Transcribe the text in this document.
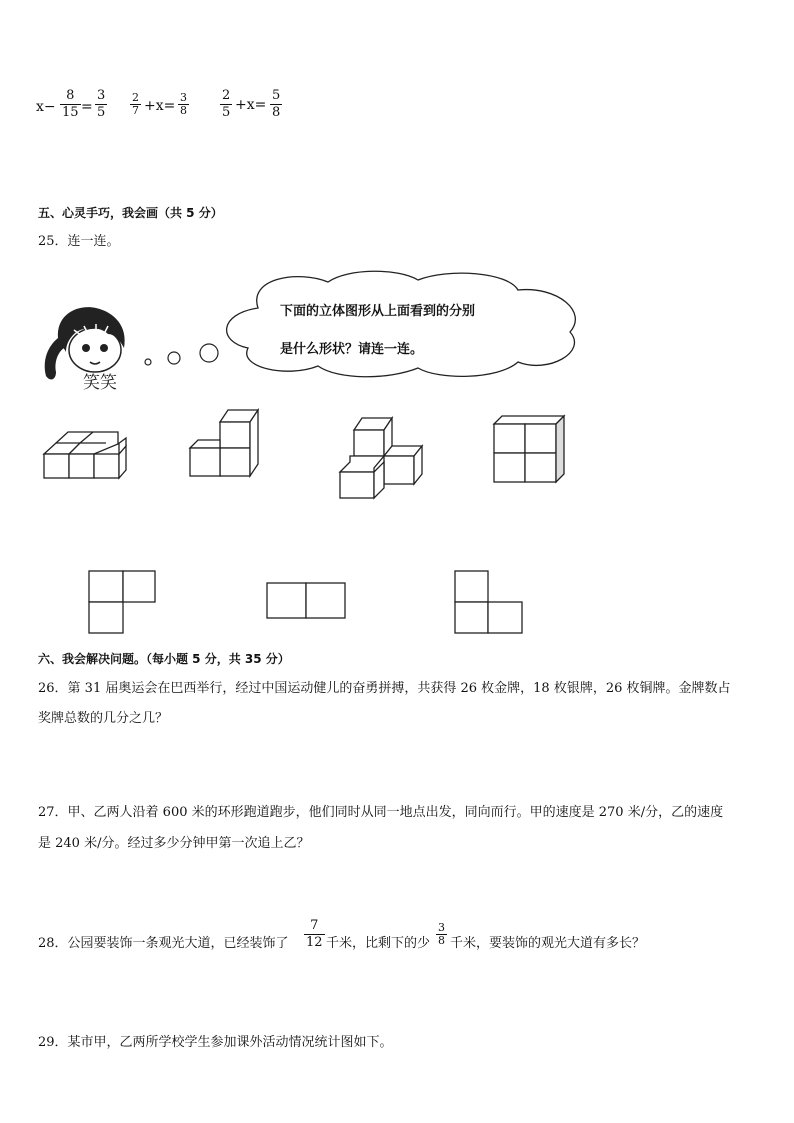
x−
8
15 =
3
5
2
7 +x=
3
8
2
5 +x=
5
8
五、心灵手巧，我会画（共 5 分）
25．连一连。
笑笑
下面的立体图形从上面看到的分别
是什么形状？请连一连。
六、我会解决问题。（每小题 5 分，共 35 分）
26．第 31 届奥运会在巴西举行，经过中国运动健儿的奋勇拼搏，共获得 26 枚金牌，18 枚银牌，26 枚铜牌。金牌数占
奖牌总数的几分之几？
27．甲、乙两人沿着 600 米的环形跑道跑步，他们同时从同一地点出发，同向而行。甲的速度是 270 米/分，乙的速度
是 240 米/分。经过多少分钟甲第一次追上乙？
28．公园要装饰一条观光大道，已经装饰了
7
12 千米，比剩下的少
3
8 千米，要装饰的观光大道有多长？
29．某市甲，乙两所学校学生参加课外活动情况统计图如下。
